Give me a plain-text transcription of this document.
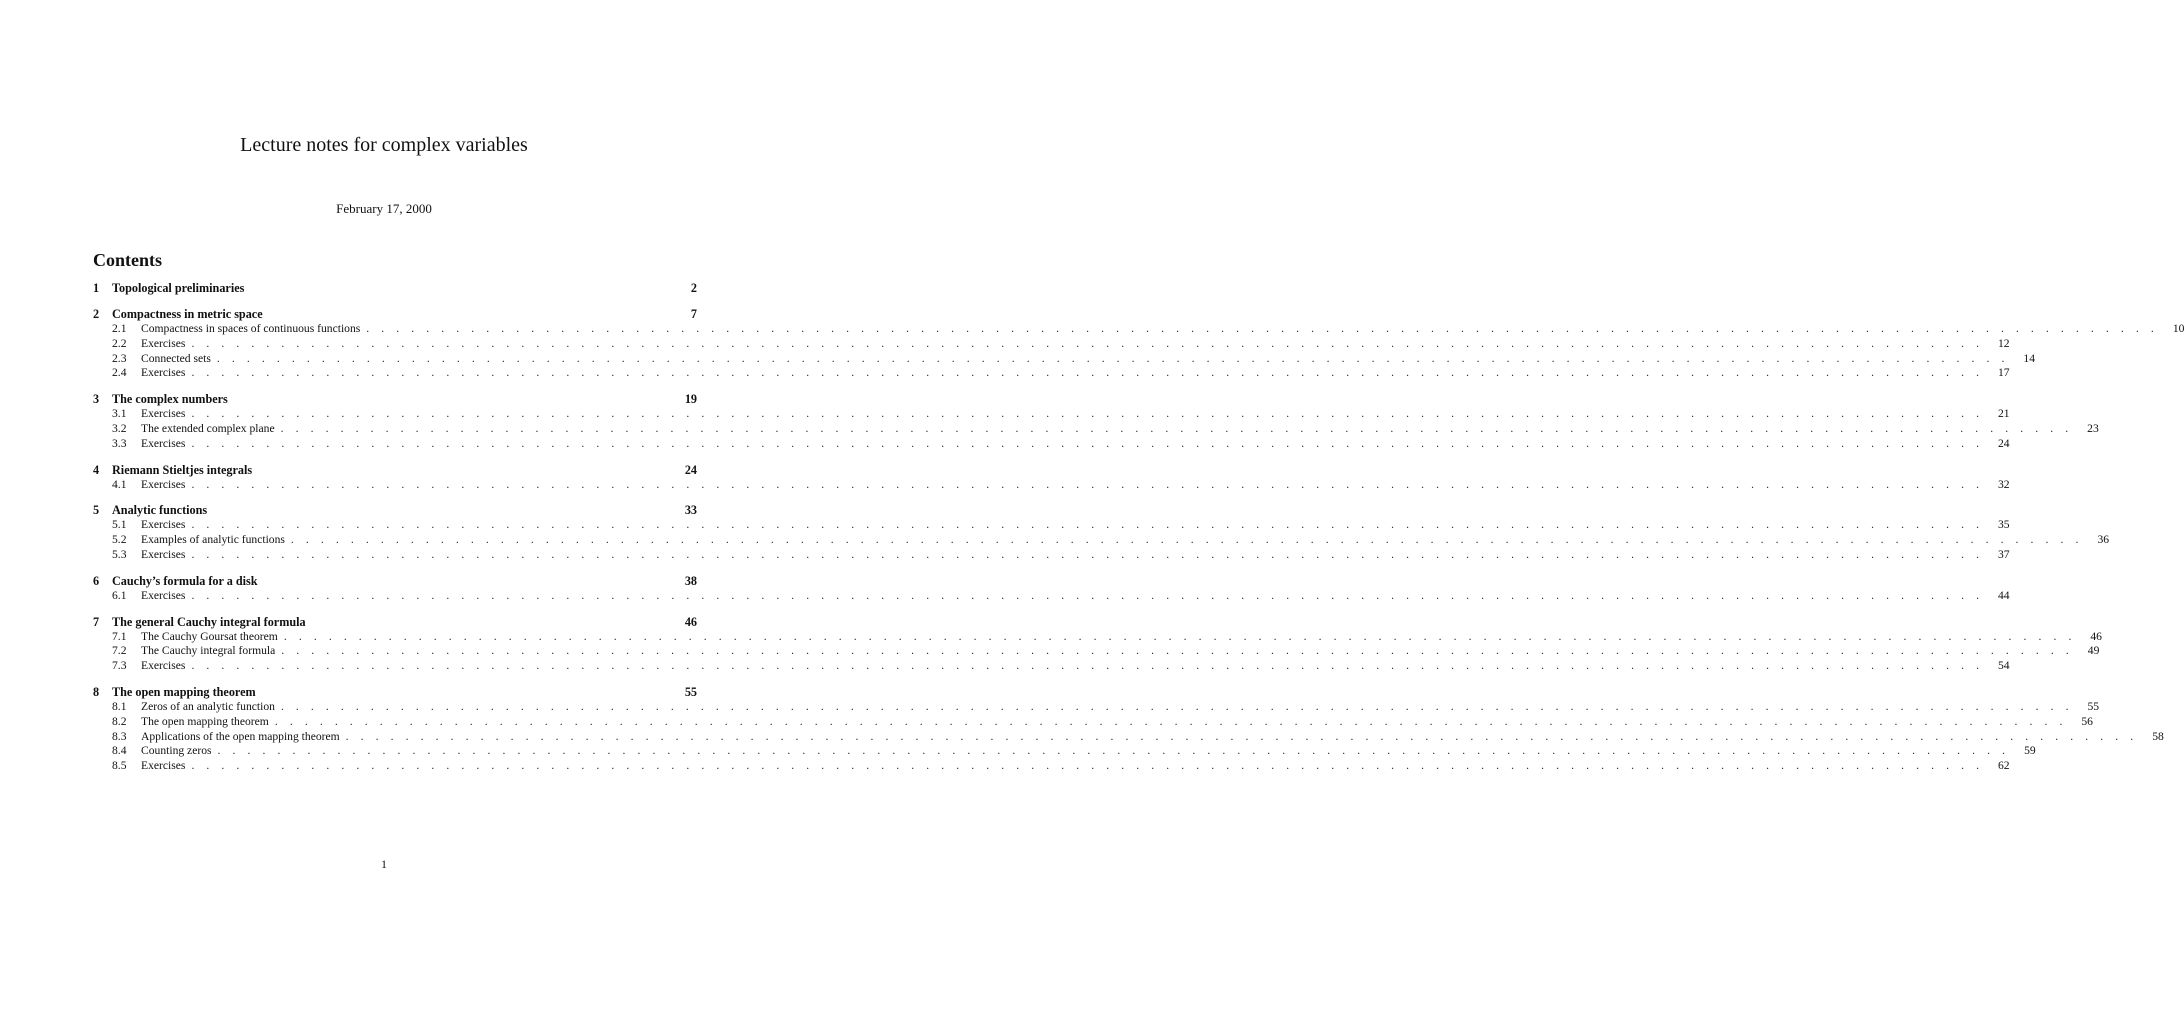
Lecture notes for complex variables
February 17, 2000
Contents
1	Topological preliminaries	2
2	Compactness in metric space	7
2.1	Compactness in spaces of continuous functions . . . . . . . . . . . . . . . . . . . . . . . . . . . . . . . . . . . . . . . . . . . . . . . . . . . . . . . . . . . . . . . . . . . . . . . . . . . . . . . . . . . . . . . . . . . . . . . . . . . . . . . . . . . . . . . . . . . . . . . .	10
2.2	Exercises . . . . . . . . . . . . . . . . . . . . . . . . . . . . . . . . . . . . . . . . . . . . . . . . . . . . . . . . . . . . . . . . . . . . . . . . . . . . . . . . . . . . . . . . . . . . . . . . . . . . . . . . . . . . . . . . . . . . . . . .	12
2.3	Connected sets . . . . . . . . . . . . . . . . . . . . . . . . . . . . . . . . . . . . . . . . . . . . . . . . . . . . . . . . . . . . . . . . . . . . . . . . . . . . . . . . . . . . . . . . . . . . . . . . . . . . . . . . . . . . . . . . . . . . . . . .	14
2.4	Exercises . . . . . . . . . . . . . . . . . . . . . . . . . . . . . . . . . . . . . . . . . . . . . . . . . . . . . . . . . . . . . . . . . . . . . . . . . . . . . . . . . . . . . . . . . . . . . . . . . . . . . . . . . . . . . . . . . . . . . . . .	17
3	The complex numbers	19
3.1	Exercises . . . . . . . . . . . . . . . . . . . . . . . . . . . . . . . . . . . . . . . . . . . . . . . . . . . . . . . . . . . . . . . . . . . . . . . . . . . . . . . . . . . . . . . . . . . . . . . . . . . . . . . . . . . . . . . . . . . . . . . .	21
3.2	The extended complex plane . . . . . . . . . . . . . . . . . . . . . . . . . . . . . . . . . . . . . . . . . . . . . . . . . . . . . . . . . . . . . . . . . . . . . . . . . . . . . . . . . . . . . . . . . . . . . . . . . . . . . . . . . . . . . . . . . . . . . . . .	23
3.3	Exercises . . . . . . . . . . . . . . . . . . . . . . . . . . . . . . . . . . . . . . . . . . . . . . . . . . . . . . . . . . . . . . . . . . . . . . . . . . . . . . . . . . . . . . . . . . . . . . . . . . . . . . . . . . . . . . . . . . . . . . . .	24
4	Riemann Stieltjes integrals	24
4.1	Exercises . . . . . . . . . . . . . . . . . . . . . . . . . . . . . . . . . . . . . . . . . . . . . . . . . . . . . . . . . . . . . . . . . . . . . . . . . . . . . . . . . . . . . . . . . . . . . . . . . . . . . . . . . . . . . . . . . . . . . . . .	32
5	Analytic functions	33
5.1	Exercises . . . . . . . . . . . . . . . . . . . . . . . . . . . . . . . . . . . . . . . . . . . . . . . . . . . . . . . . . . . . . . . . . . . . . . . . . . . . . . . . . . . . . . . . . . . . . . . . . . . . . . . . . . . . . . . . . . . . . . . .	35
5.2	Examples of analytic functions . . . . . . . . . . . . . . . . . . . . . . . . . . . . . . . . . . . . . . . . . . . . . . . . . . . . . . . . . . . . . . . . . . . . . . . . . . . . . . . . . . . . . . . . . . . . . . . . . . . . . . . . . . . . . . . . . . . . . . . .	36
5.3	Exercises . . . . . . . . . . . . . . . . . . . . . . . . . . . . . . . . . . . . . . . . . . . . . . . . . . . . . . . . . . . . . . . . . . . . . . . . . . . . . . . . . . . . . . . . . . . . . . . . . . . . . . . . . . . . . . . . . . . . . . . .	37
6	Cauchy’s formula for a disk	38
6.1	Exercises . . . . . . . . . . . . . . . . . . . . . . . . . . . . . . . . . . . . . . . . . . . . . . . . . . . . . . . . . . . . . . . . . . . . . . . . . . . . . . . . . . . . . . . . . . . . . . . . . . . . . . . . . . . . . . . . . . . . . . . .	44
7	The general Cauchy integral formula	46
7.1	The Cauchy Goursat theorem . . . . . . . . . . . . . . . . . . . . . . . . . . . . . . . . . . . . . . . . . . . . . . . . . . . . . . . . . . . . . . . . . . . . . . . . . . . . . . . . . . . . . . . . . . . . . . . . . . . . . . . . . . . . . . . . . . . . . . . .	46
7.2	The Cauchy integral formula . . . . . . . . . . . . . . . . . . . . . . . . . . . . . . . . . . . . . . . . . . . . . . . . . . . . . . . . . . . . . . . . . . . . . . . . . . . . . . . . . . . . . . . . . . . . . . . . . . . . . . . . . . . . . . . . . . . . . . . .	49
7.3	Exercises . . . . . . . . . . . . . . . . . . . . . . . . . . . . . . . . . . . . . . . . . . . . . . . . . . . . . . . . . . . . . . . . . . . . . . . . . . . . . . . . . . . . . . . . . . . . . . . . . . . . . . . . . . . . . . . . . . . . . . . .	54
8	The open mapping theorem	55
8.1	Zeros of an analytic function . . . . . . . . . . . . . . . . . . . . . . . . . . . . . . . . . . . . . . . . . . . . . . . . . . . . . . . . . . . . . . . . . . . . . . . . . . . . . . . . . . . . . . . . . . . . . . . . . . . . . . . . . . . . . . . . . . . . . . . .	55
8.2	The open mapping theorem . . . . . . . . . . . . . . . . . . . . . . . . . . . . . . . . . . . . . . . . . . . . . . . . . . . . . . . . . . . . . . . . . . . . . . . . . . . . . . . . . . . . . . . . . . . . . . . . . . . . . . . . . . . . . . . . . . . . . . . .	56
8.3	Applications of the open mapping theorem . . . . . . . . . . . . . . . . . . . . . . . . . . . . . . . . . . . . . . . . . . . . . . . . . . . . . . . . . . . . . . . . . . . . . . . . . . . . . . . . . . . . . . . . . . . . . . . . . . . . . . . . . . . . . . . . . . . . . . . .	58
8.4	Counting zeros . . . . . . . . . . . . . . . . . . . . . . . . . . . . . . . . . . . . . . . . . . . . . . . . . . . . . . . . . . . . . . . . . . . . . . . . . . . . . . . . . . . . . . . . . . . . . . . . . . . . . . . . . . . . . . . . . . . . . . . .	59
8.5	Exercises . . . . . . . . . . . . . . . . . . . . . . . . . . . . . . . . . . . . . . . . . . . . . . . . . . . . . . . . . . . . . . . . . . . . . . . . . . . . . . . . . . . . . . . . . . . . . . . . . . . . . . . . . . . . . . . . . . . . . . . .	62
1
